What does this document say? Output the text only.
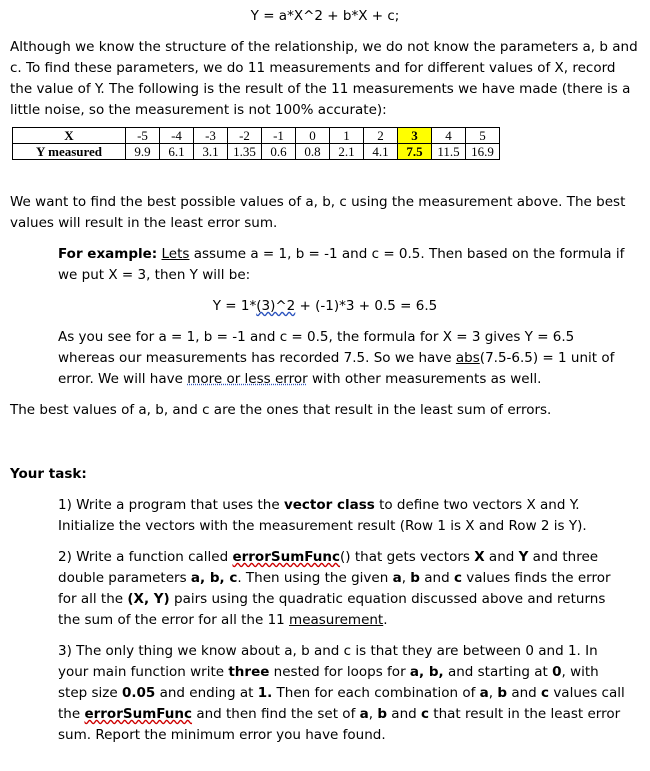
Y = a*X^2 + b*X + c;

Although we know the structure of the relationship, we do not know the parameters a, b and c. To find these parameters, we do 11 measurements and for different values of X, record the value of Y. The following is the result of the 11 measurements we have made (there is a little noise, so the measurement is not 100% accurate):

X	-5	-4	-3	-2	-1	0	1	2	3	4	5
Y measured	9.9	6.1	3.1	1.35	0.6	0.8	2.1	4.1	7.5	11.5	16.9

We want to find the best possible values of a, b, c using the measurement above. The best values will result in the least error sum.

For example: Lets assume a = 1, b = -1 and c = 0.5. Then based on the formula if we put X = 3, then Y will be:

Y = 1*(3)^2 + (-1)*3 + 0.5 = 6.5

As you see for a = 1, b = -1 and c = 0.5, the formula for X = 3 gives Y = 6.5 whereas our measurements has recorded 7.5. So we have abs(7.5-6.5) = 1 unit of error. We will have more or less error with other measurements as well.

The best values of a, b, and c are the ones that result in the least sum of errors.

Your task:

1) Write a program that uses the vector class to define two vectors X and Y. Initialize the vectors with the measurement result (Row 1 is X and Row 2 is Y).

2) Write a function called errorSumFunc() that gets vectors X and Y and three double parameters a, b, c. Then using the given a, b and c values finds the error for all the (X, Y) pairs using the quadratic equation discussed above and returns the sum of the error for all the 11 measurement.

3) The only thing we know about a, b and c is that they are between 0 and 1. In your main function write three nested for loops for a, b, and starting at 0, with step size 0.05 and ending at 1. Then for each combination of a, b and c values call the errorSumFunc and then find the set of a, b and c that result in the least error sum. Report the minimum error you have found.
